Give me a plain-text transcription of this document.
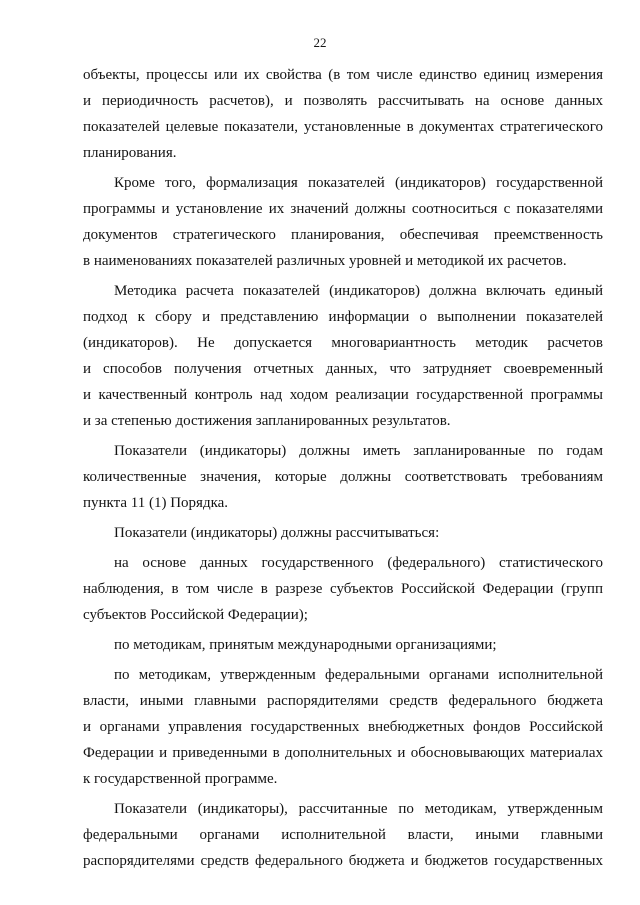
22
объекты, процессы или их свойства (в том числе единство единиц измерения
и периодичность расчетов), и позволять рассчитывать на основе данных
показателей целевые показатели, установленные в документах стратегического
планирования.
Кроме того, формализация показателей (индикаторов) государственной
программы и установление их значений должны соотноситься с показателями
документов стратегического планирования, обеспечивая преемственность
в наименованиях показателей различных уровней и методикой их расчетов.
Методика расчета показателей (индикаторов) должна включать единый
подход к сбору и представлению информации о выполнении показателей
(индикаторов). Не допускается многовариантность методик расчетов
и способов получения отчетных данных, что затрудняет своевременный
и качественный контроль над ходом реализации государственной программы
и за степенью достижения запланированных результатов.
Показатели (индикаторы) должны иметь запланированные по годам
количественные значения, которые должны соответствовать требованиям
пункта 11 (1) Порядка.
Показатели (индикаторы) должны рассчитываться:
на основе данных государственного (федерального) статистического
наблюдения, в том числе в разрезе субъектов Российской Федерации (групп
субъектов Российской Федерации);
по методикам, принятым международными организациями;
по методикам, утвержденным федеральными органами исполнительной
власти, иными главными распорядителями средств федерального бюджета
и органами управления государственных внебюджетных фондов Российской
Федерации и приведенными в дополнительных и обосновывающих материалах
к государственной программе.
Показатели (индикаторы), рассчитанные по методикам, утвержденным
федеральными органами исполнительной власти, иными главными
распорядителями средств федерального бюджета и бюджетов государственных
